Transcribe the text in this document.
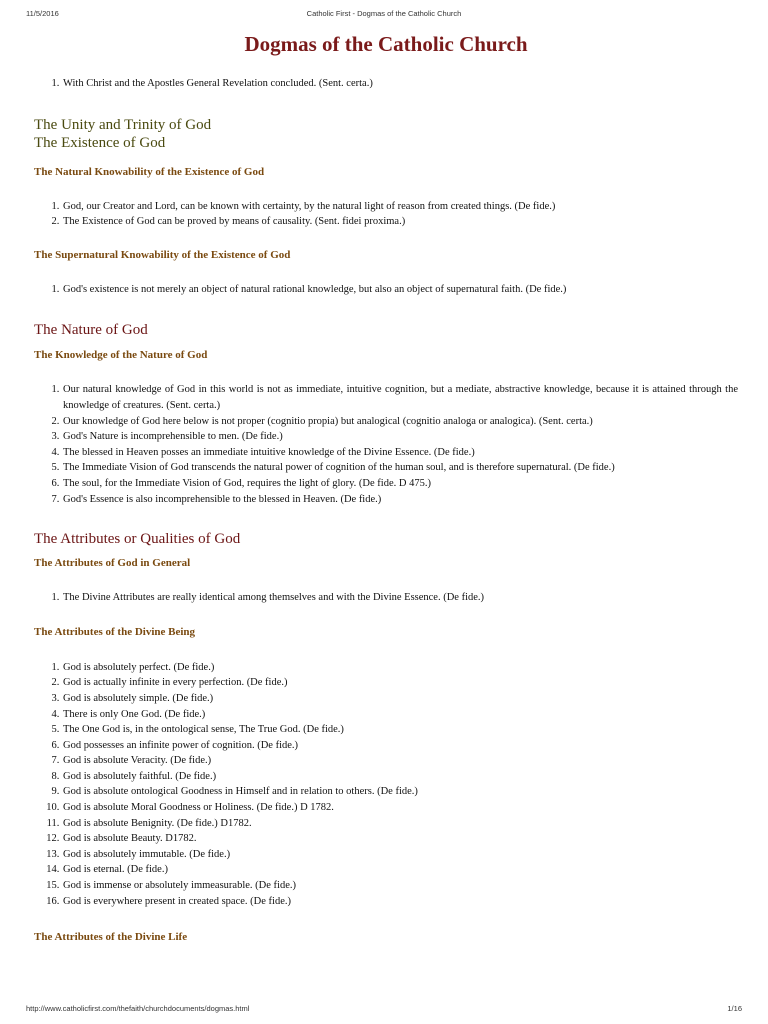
11/5/2016	Catholic First - Dogmas of the Catholic Church
Dogmas of the Catholic Church
1. With Christ and the Apostles General Revelation concluded. (Sent. certa.)
The Unity and Trinity of God
The Existence of God
The Natural Knowability of the Existence of God
1. God, our Creator and Lord, can be known with certainty, by the natural light of reason from created things. (De fide.)
2. The Existence of God can be proved by means of causality. (Sent. fidei proxima.)
The Supernatural Knowability of the Existence of God
1. God's existence is not merely an object of natural rational knowledge, but also an object of supernatural faith. (De fide.)
The Nature of God
The Knowledge of the Nature of God
1. Our natural knowledge of God in this world is not as immediate, intuitive cognition, but a mediate, abstractive knowledge, because it is attained through the knowledge of creatures. (Sent. certa.)
2. Our knowledge of God here below is not proper (cognitio propia) but analogical (cognitio analoga or analogica). (Sent. certa.)
3. God's Nature is incomprehensible to men. (De fide.)
4. The blessed in Heaven posses an immediate intuitive knowledge of the Divine Essence. (De fide.)
5. The Immediate Vision of God transcends the natural power of cognition of the human soul, and is therefore supernatural. (De fide.)
6. The soul, for the Immediate Vision of God, requires the light of glory. (De fide. D 475.)
7. God's Essence is also incomprehensible to the blessed in Heaven. (De fide.)
The Attributes or Qualities of God
The Attributes of God in General
1. The Divine Attributes are really identical among themselves and with the Divine Essence. (De fide.)
The Attributes of the Divine Being
1. God is absolutely perfect. (De fide.)
2. God is actually infinite in every perfection. (De fide.)
3. God is absolutely simple. (De fide.)
4. There is only One God. (De fide.)
5. The One God is, in the ontological sense, The True God. (De fide.)
6. God possesses an infinite power of cognition. (De fide.)
7. God is absolute Veracity. (De fide.)
8. God is absolutely faithful. (De fide.)
9. God is absolute ontological Goodness in Himself and in relation to others. (De fide.)
10. God is absolute Moral Goodness or Holiness. (De fide.) D 1782.
11. God is absolute Benignity. (De fide.) D1782.
12. God is absolute Beauty. D1782.
13. God is absolutely immutable. (De fide.)
14. God is eternal. (De fide.)
15. God is immense or absolutely immeasurable. (De fide.)
16. God is everywhere present in created space. (De fide.)
The Attributes of the Divine Life
http://www.catholicfirst.com/thefaith/churchdocuments/dogmas.html	1/16
